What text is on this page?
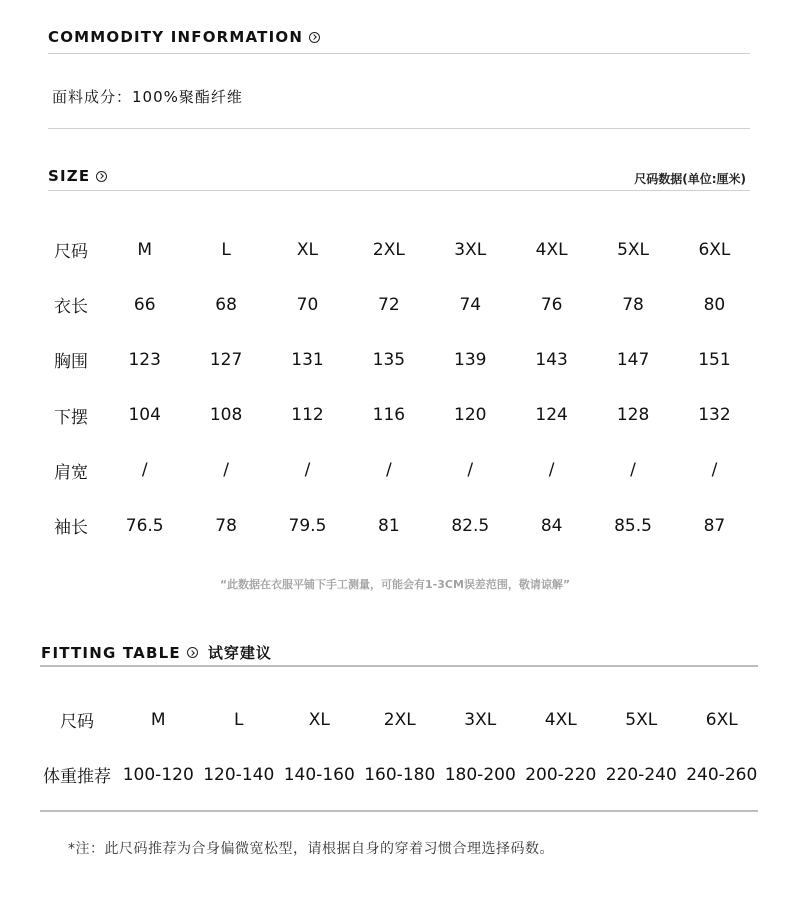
COMMODITY INFORMATION
面料成分：100%聚酯纤维
SIZE	尺码数据(单位:厘米)
尺码	M	L	XL	2XL	3XL	4XL	5XL	6XL
衣长	66	68	70	72	74	76	78	80
胸围	123	127	131	135	139	143	147	151
下摆	104	108	112	116	120	124	128	132
肩宽	/	/	/	/	/	/	/	/
袖长	76.5	78	79.5	81	82.5	84	85.5	87
“此数据在衣服平铺下手工测量，可能会有1-3CM误差范围，敬请谅解”
FITTING TABLE 试穿建议
尺码	M	L	XL	2XL	3XL	4XL	5XL	6XL
体重推荐	100-120	120-140	140-160	160-180	180-200	200-220	220-240	240-260
*注：此尺码推荐为合身偏微宽松型，请根据自身的穿着习惯合理选择码数。
